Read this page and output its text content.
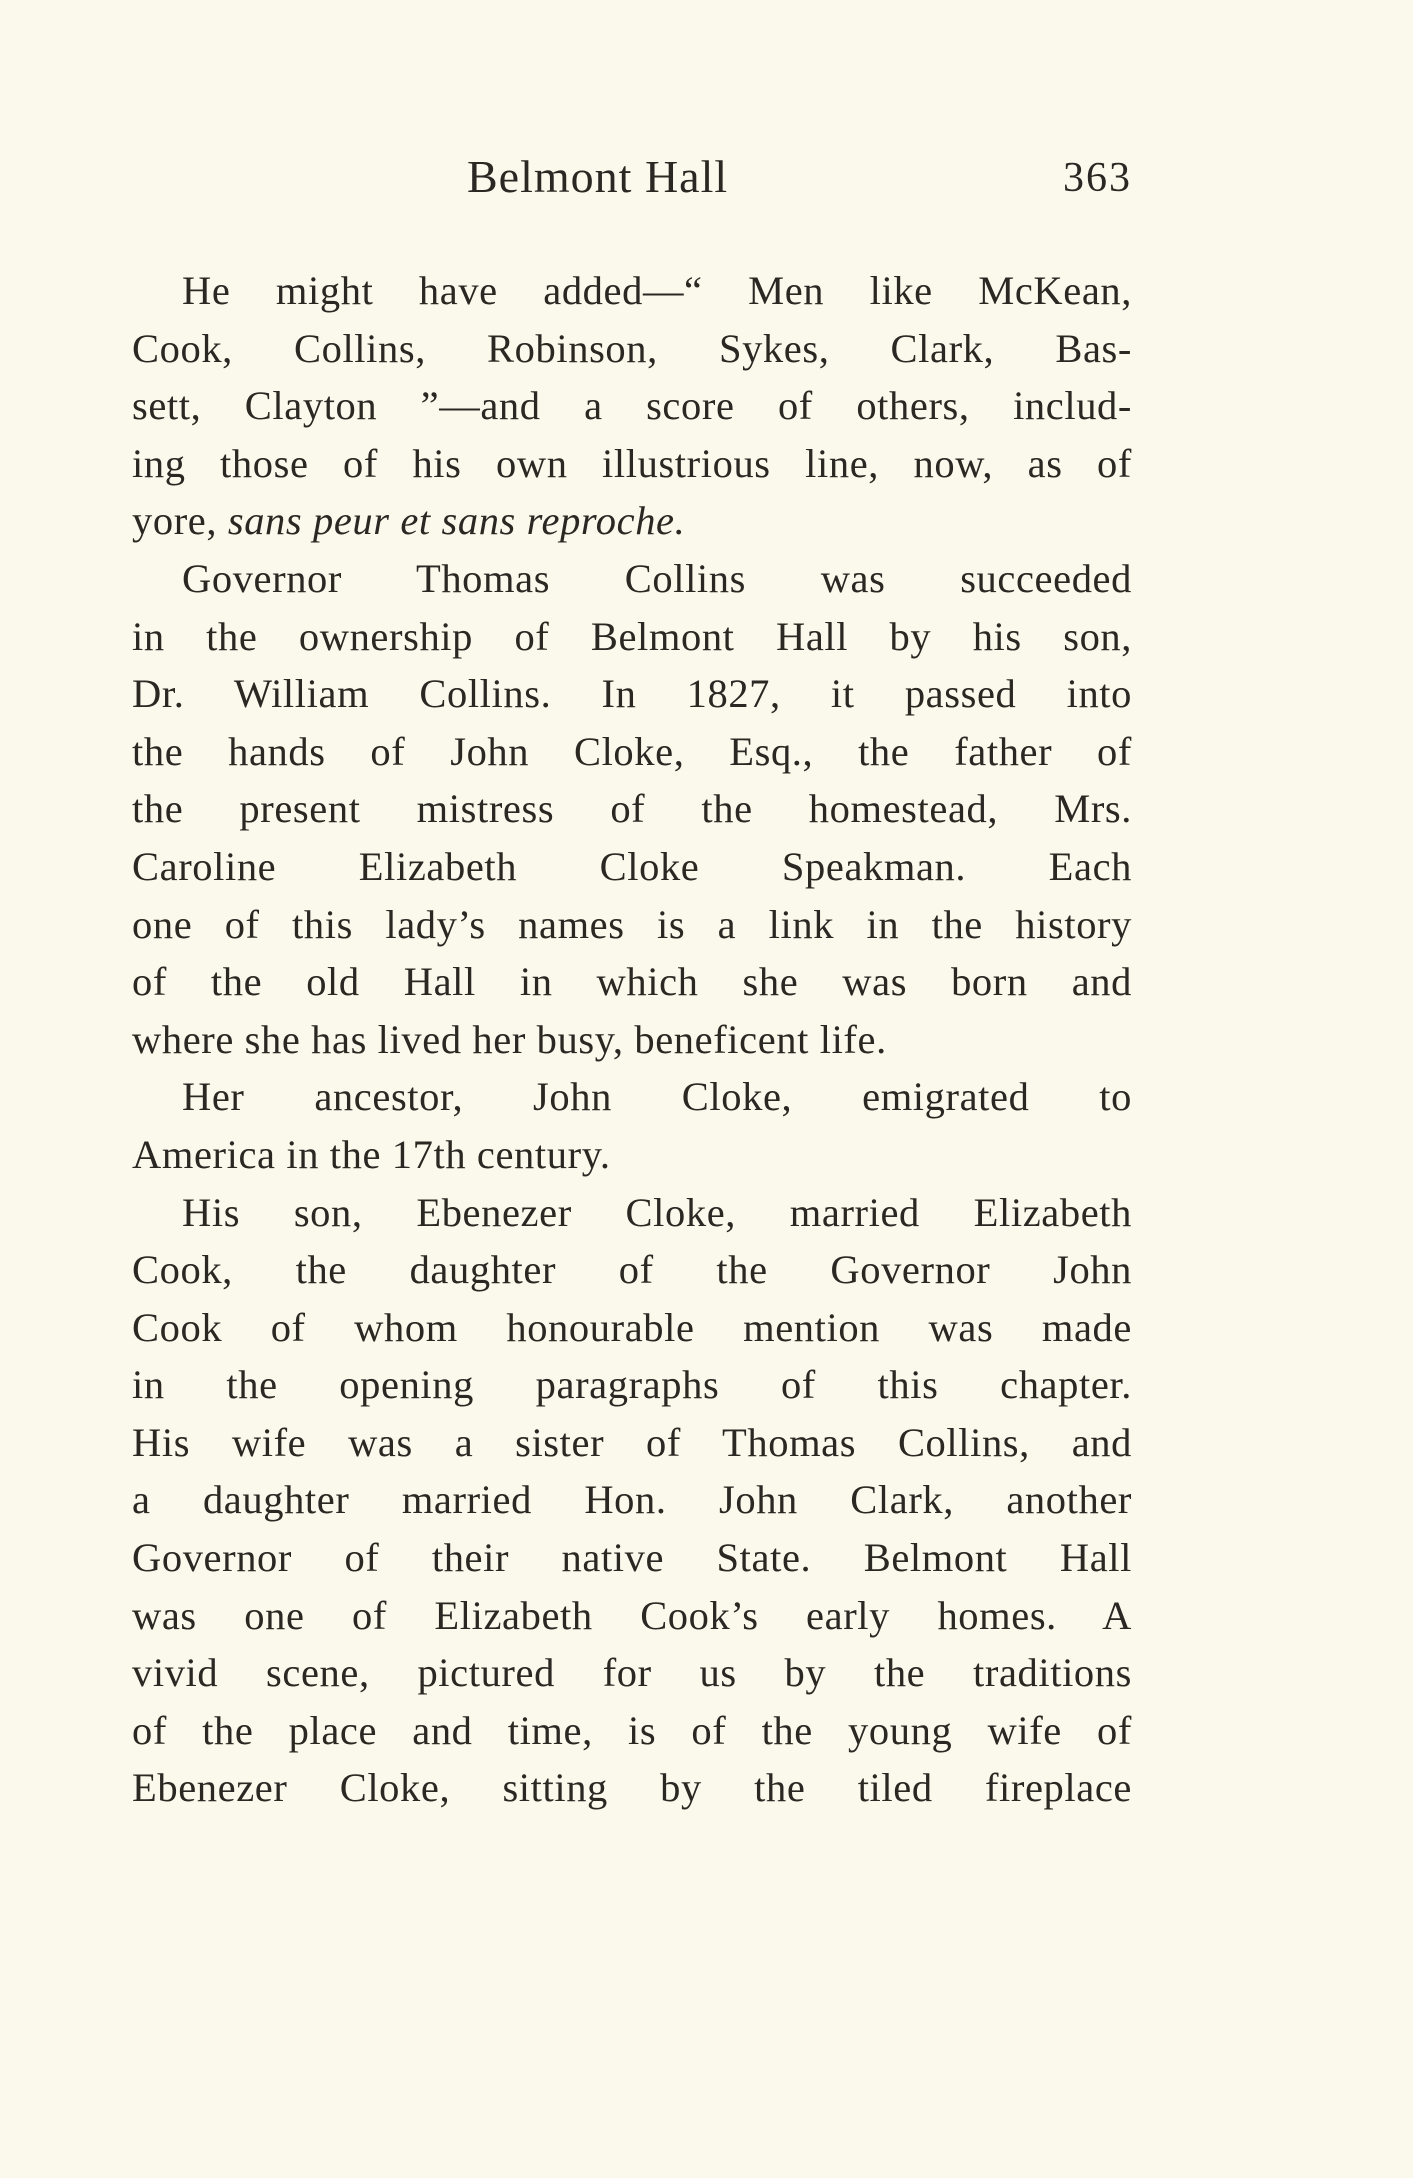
Belmont Hall	363
He might have added—“ Men like McKean,
Cook, Collins, Robinson, Sykes, Clark, Bas-
sett, Clayton ”—and a score of others, includ-
ing those of his own illustrious line, now, as of
yore, sans peur et sans reproche.
Governor Thomas Collins was succeeded
in the ownership of Belmont Hall by his son,
Dr. William Collins. In 1827, it passed into
the hands of John Cloke, Esq., the father of
the present mistress of the homestead, Mrs.
Caroline Elizabeth Cloke Speakman. Each
one of this lady’s names is a link in the history
of the old Hall in which she was born and
where she has lived her busy, beneficent life.
Her ancestor, John Cloke, emigrated to
America in the 17th century.
His son, Ebenezer Cloke, married Elizabeth
Cook, the daughter of the Governor John
Cook of whom honourable mention was made
in the opening paragraphs of this chapter.
His wife was a sister of Thomas Collins, and
a daughter married Hon. John Clark, another
Governor of their native State. Belmont Hall
was one of Elizabeth Cook’s early homes. A
vivid scene, pictured for us by the traditions
of the place and time, is of the young wife of
Ebenezer Cloke, sitting by the tiled fireplace
